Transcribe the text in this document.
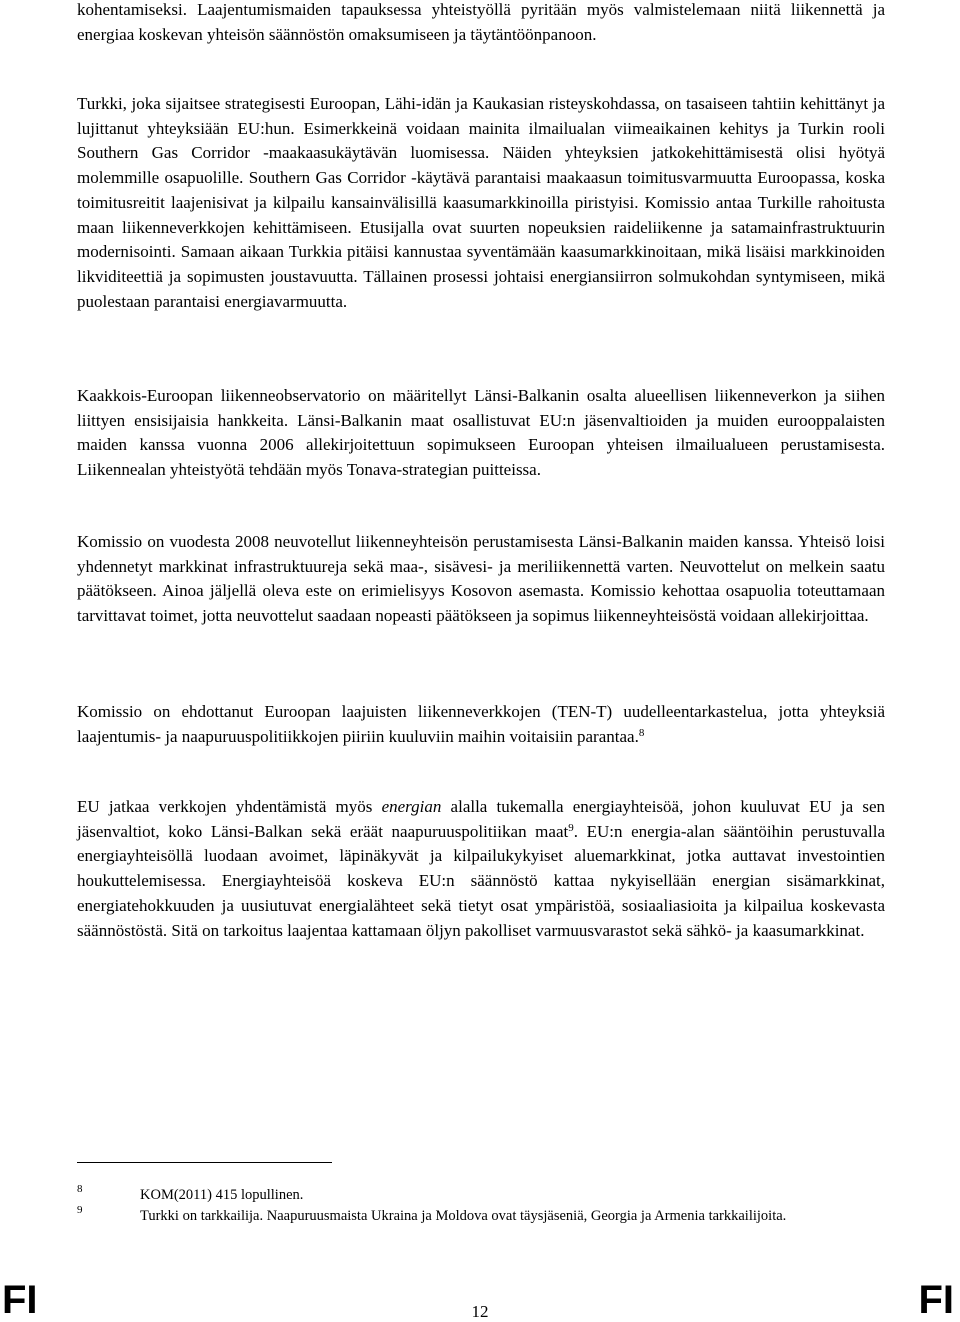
kohentamiseksi. Laajentumismaiden tapauksessa yhteistyöllä pyritään myös valmistelemaan niitä liikennettä ja energiaa koskevan yhteisön säännöstön omaksumiseen ja täytäntöönpanoon.

Turkki, joka sijaitsee strategisesti Euroopan, Lähi-idän ja Kaukasian risteyskohdassa, on tasaiseen tahtiin kehittänyt ja lujittanut yhteyksiään EU:hun. Esimerkkeinä voidaan mainita ilmailualan viimeaikainen kehitys ja Turkin rooli Southern Gas Corridor -maakaasukäytävän luomisessa. Näiden yhteyksien jatkokehittämisestä olisi hyötyä molemmille osapuolille. Southern Gas Corridor -käytävä parantaisi maakaasun toimitusvarmuutta Euroopassa, koska toimitusreitit laajenisivat ja kilpailu kansainvälisillä kaasumarkkinoilla piristyisi. Komissio antaa Turkille rahoitusta maan liikenneverkkojen kehittämiseen. Etusijalla ovat suurten nopeuksien raideliikenne ja satamainfrastruktuurin modernisointi. Samaan aikaan Turkkia pitäisi kannustaa syventämään kaasumarkkinoitaan, mikä lisäisi markkinoiden likviditeettiä ja sopimusten joustavuutta. Tällainen prosessi johtaisi energiansiirron solmukohdan syntymiseen, mikä puolestaan parantaisi energiavarmuutta.

Kaakkois-Euroopan liikenneobservatorio on määritellyt Länsi-Balkanin osalta alueellisen liikenneverkon ja siihen liittyen ensisijaisia hankkeita. Länsi-Balkanin maat osallistuvat EU:n jäsenvaltioiden ja muiden eurooppalaisten maiden kanssa vuonna 2006 allekirjoitettuun sopimukseen Euroopan yhteisen ilmailualueen perustamisesta. Liikennealan yhteistyötä tehdään myös Tonava-strategian puitteissa.

Komissio on vuodesta 2008 neuvotellut liikenneyhteisön perustamisesta Länsi-Balkanin maiden kanssa. Yhteisö loisi yhdennetyt markkinat infrastruktuureja sekä maa-, sisävesi- ja meriliikennettä varten. Neuvottelut on melkein saatu päätökseen. Ainoa jäljellä oleva este on erimielisyys Kosovon asemasta. Komissio kehottaa osapuolia toteuttamaan tarvittavat toimet, jotta neuvottelut saadaan nopeasti päätökseen ja sopimus liikenneyhteisöstä voidaan allekirjoittaa.

Komissio on ehdottanut Euroopan laajuisten liikenneverkkojen (TEN-T) uudelleentarkastelua, jotta yhteyksiä laajentumis- ja naapuruuspolitiikkojen piiriin kuuluviin maihin voitaisiin parantaa.$^8$

EU jatkaa verkkojen yhdentämistä myös energian alalla tukemalla energiayhteisöä, johon kuuluvat EU ja sen jäsenvaltiot, koko Länsi-Balkan sekä eräät naapuruuspolitiikan maat$^9$. EU:n energia-alan sääntöihin perustuvalla energiayhteisöllä luodaan avoimet, läpinäkyvät ja kilpailukykyiset aluemarkkinat, jotka auttavat investointien houkuttelemisessa. Energiayhteisöä koskeva EU:n säännöstö kattaa nykyisellään energian sisämarkkinat, energiatehokkuuden ja uusiutuvat energialähteet sekä tietyt osat ympäristöä, sosiaaliasioita ja kilpailua koskevasta säännöstöstä. Sitä on tarkoitus laajentaa kattamaan öljyn pakolliset varmuusvarastot sekä sähkö- ja kaasumarkkinat.

8	KOM(2011) 415 lopullinen.
9	Turkki on tarkkailija. Naapuruusmaista Ukraina ja Moldova ovat täysjäseniä, Georgia ja Armenia tarkkailijoita.
FI	12	FI
